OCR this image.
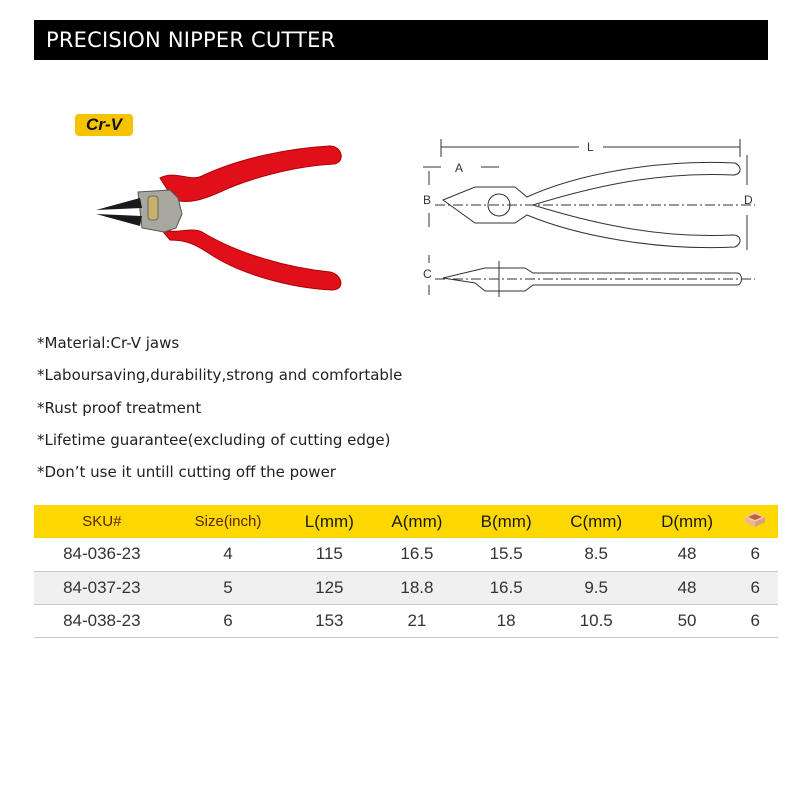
PRECISION NIPPER CUTTER
Cr-V
L
A
B	D
C
*Material:Cr-V jaws
*Laboursaving,durability,strong and comfortable
*Rust proof treatment
*Lifetime guarantee(excluding of cutting edge)
*Don’t use it untill cutting off the power
SKU#	Size(inch)	L(mm)	A(mm)	B(mm)	C(mm)	D(mm)	
84-036-23	4	115	16.5	15.5	8.5	48	6
84-037-23	5	125	18.8	16.5	9.5	48	6
84-038-23	6	153	21	18	10.5	50	6
